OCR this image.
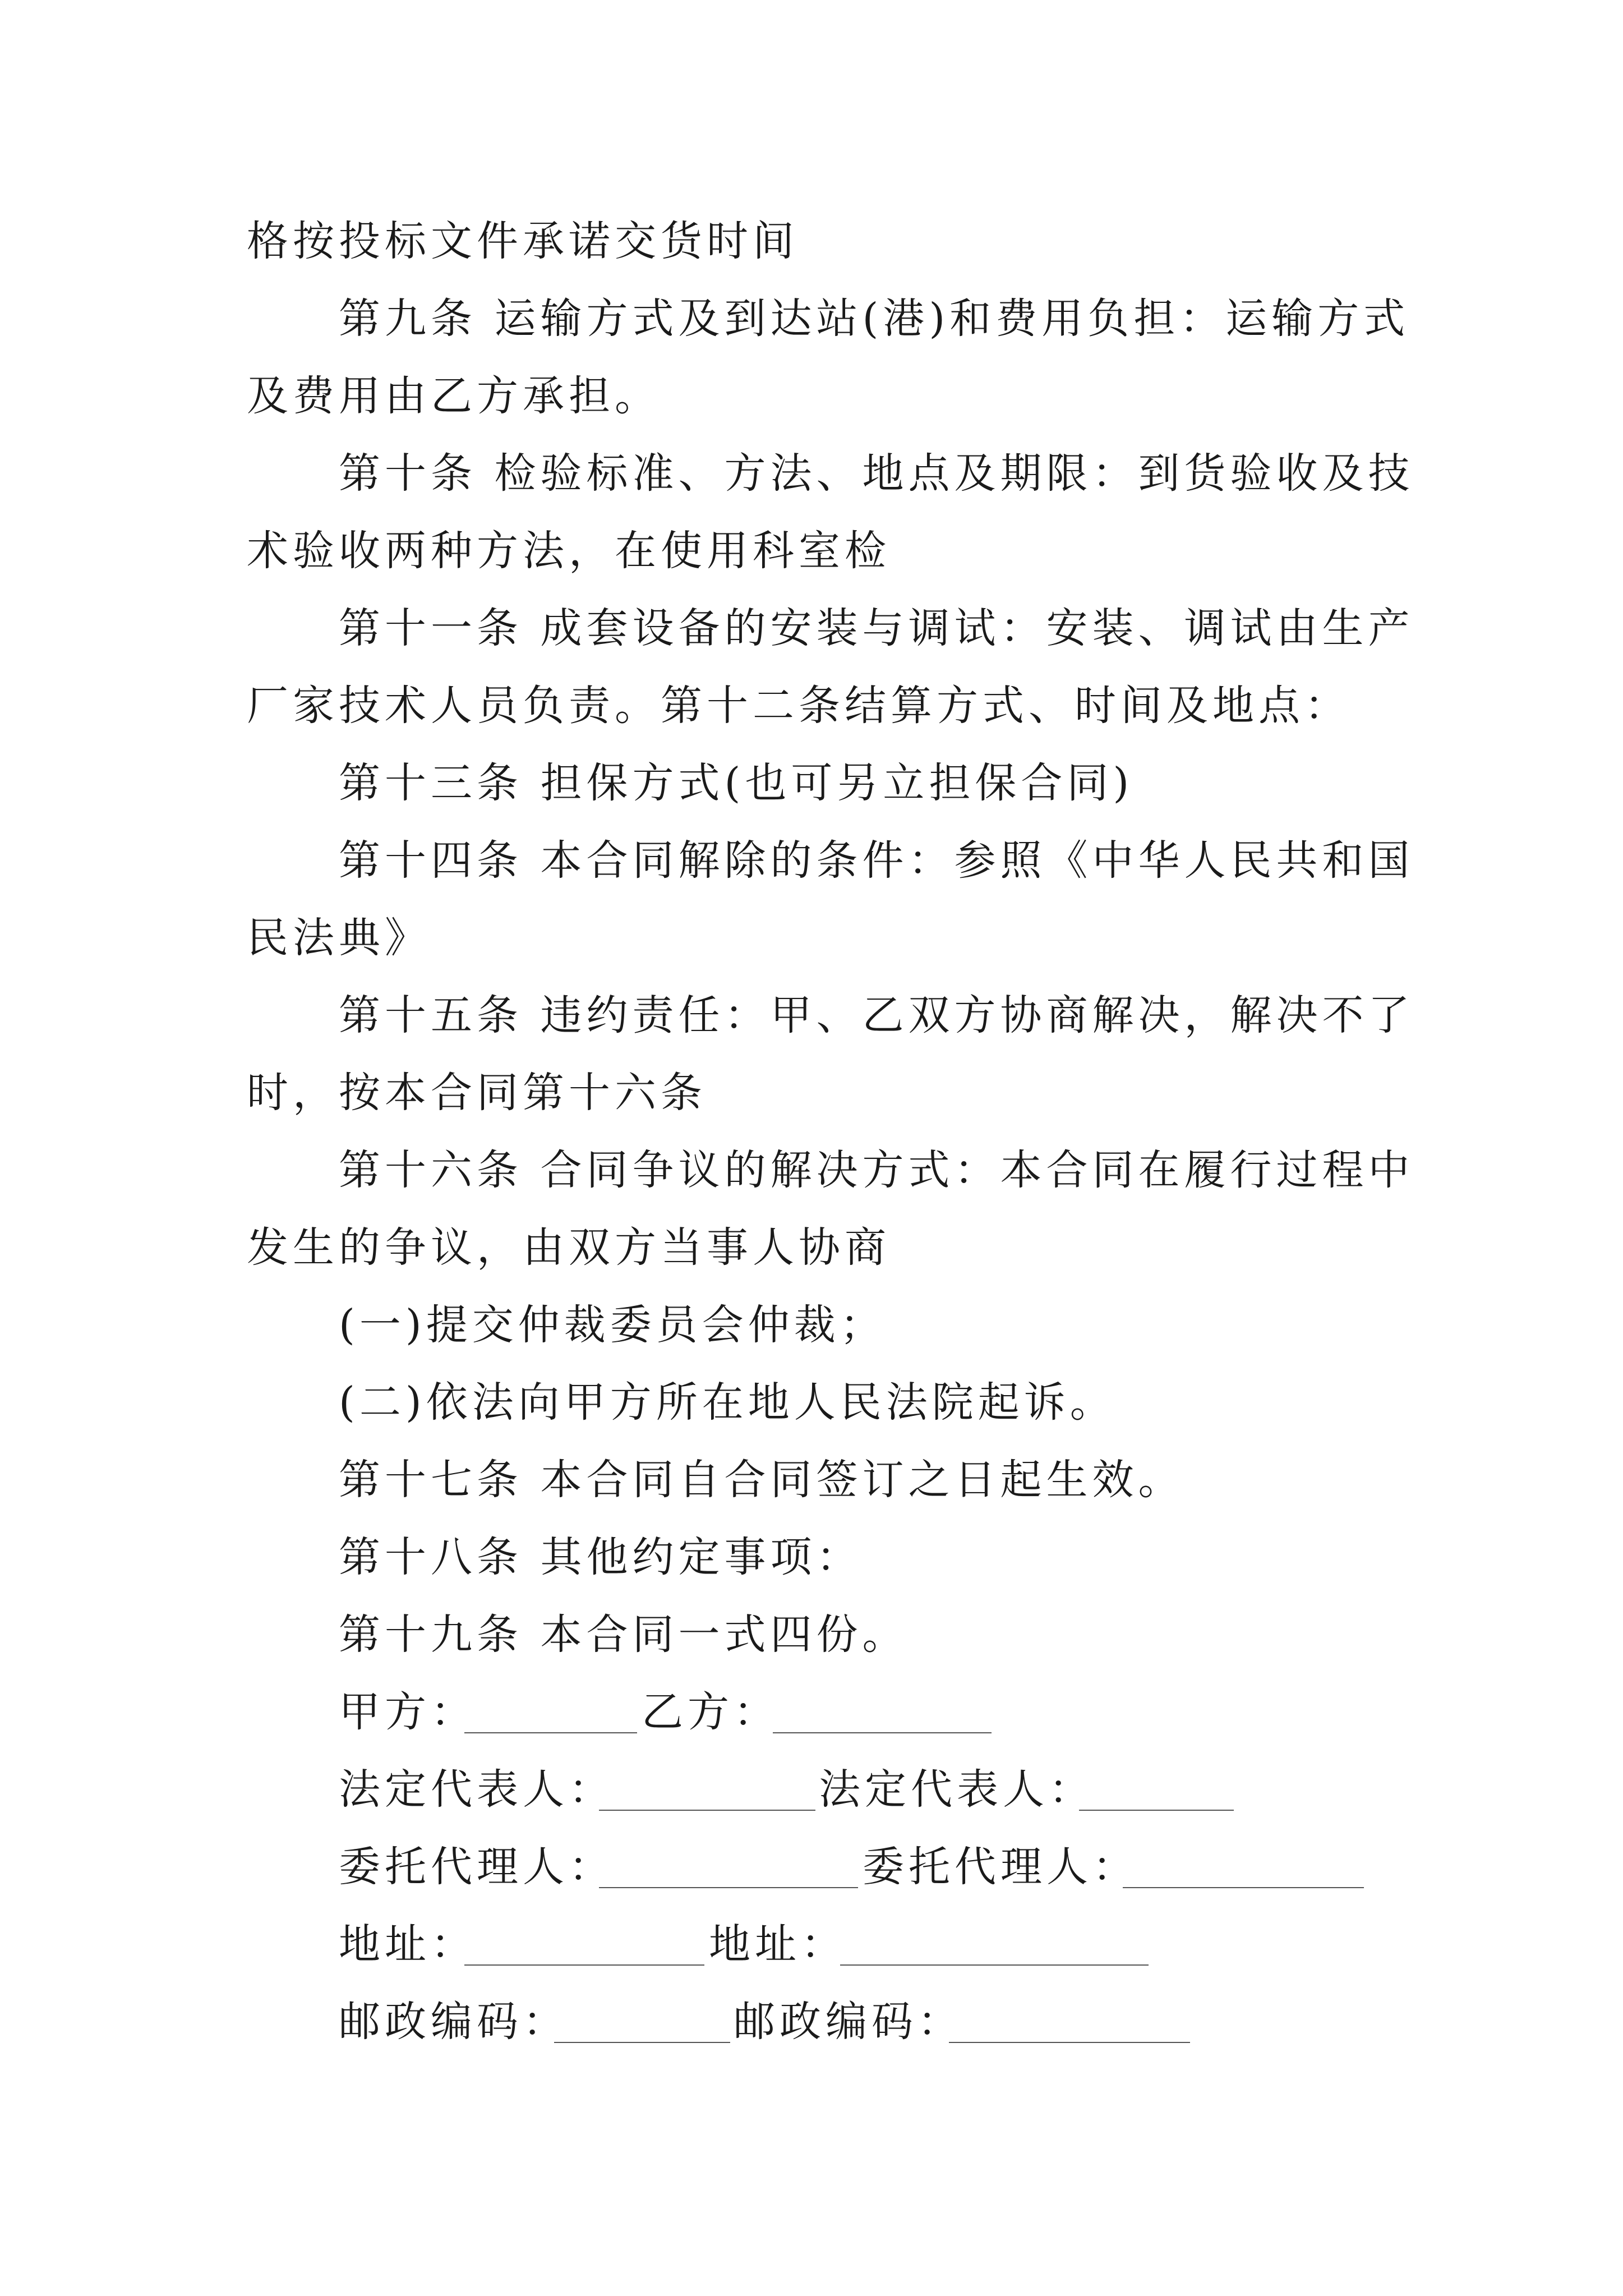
格按投标文件承诺交货时间
第九条 运输方式及到达站(港)和费用负担：运输方式
及费用由乙方承担。
第十条 检验标准、方法、地点及期限：到货验收及技
术验收两种方法，在使用科室检
第十一条 成套设备的安装与调试：安装、调试由生产
厂家技术人员负责。第十二条结算方式、时间及地点：
第十三条 担保方式(也可另立担保合同)
第十四条 本合同解除的条件：参照《中华人民共和国
民法典》
第十五条 违约责任：甲、乙双方协商解决，解决不了
时，按本合同第十六条
第十六条 合同争议的解决方式：本合同在履行过程中
发生的争议，由双方当事人协商
(一)提交仲裁委员会仲裁；
(二)依法向甲方所在地人民法院起诉。
第十七条 本合同自合同签订之日起生效。
第十八条 其他约定事项：
第十九条 本合同一式四份。
甲方：	乙方：
法定代表人：	法定代表人：
委托代理人：	委托代理人：
地址：	地址：
邮政编码：	邮政编码：
